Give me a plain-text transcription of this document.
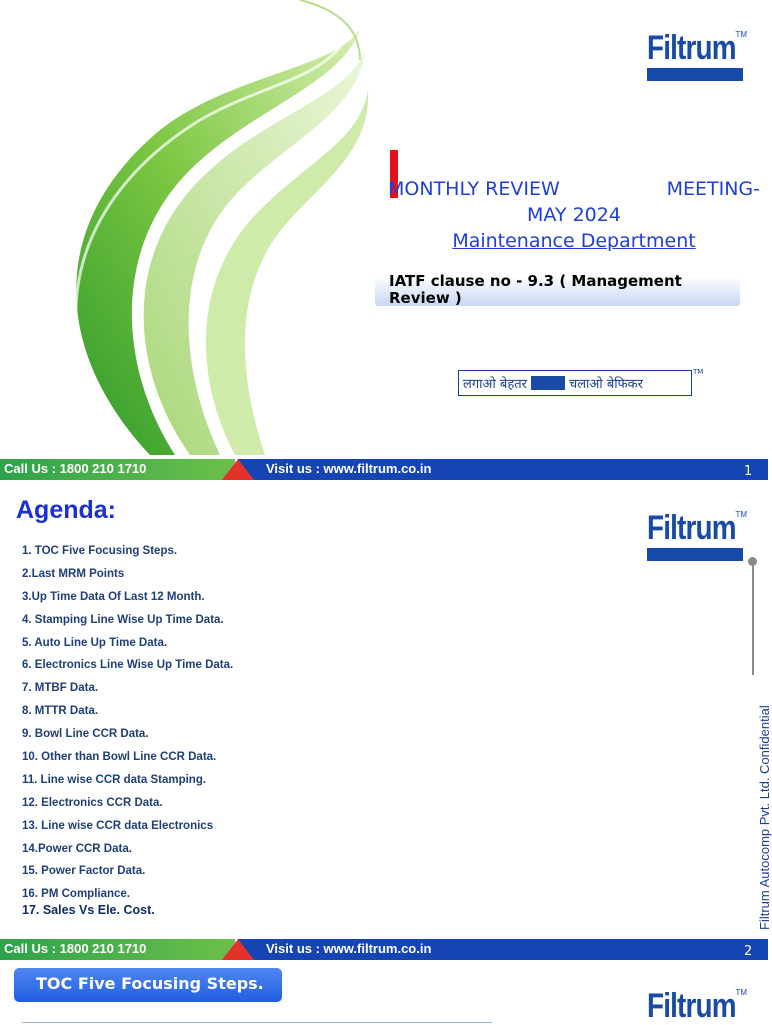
Filtrum TM
MONTHLY REVIEW	MEETING-
MAY 2024
Maintenance Department
IATF clause no - 9.3 ( Management Review )
लगाओ बेहतर	चलाओ बेफिकर
TM
Call Us : 1800 210 1710	Visit us : www.filtrum.co.in	1
Agenda:	Filtrum TM
1. TOC Five Focusing Steps.
2.Last MRM Points
3.Up Time Data Of Last 12 Month.
4. Stamping Line Wise Up Time Data.
5. Auto Line Up Time Data.
6. Electronics Line Wise Up Time Data.
7. MTBF Data.
8. MTTR Data.
9. Bowl Line CCR Data.
10. Other than Bowl Line CCR Data.
11. Line wise CCR data Stamping.
12. Electronics CCR Data.
13. Line wise CCR data Electronics
14.Power CCR Data.
15. Power Factor Data.
16. PM Compliance.
17. Sales Vs Ele. Cost.	Filtrum Autocomp Pvt. Ltd. Confidential
Call Us : 1800 210 1710	Visit us : www.filtrum.co.in	2
TOC Five Focusing Steps.
Filtrum TM
